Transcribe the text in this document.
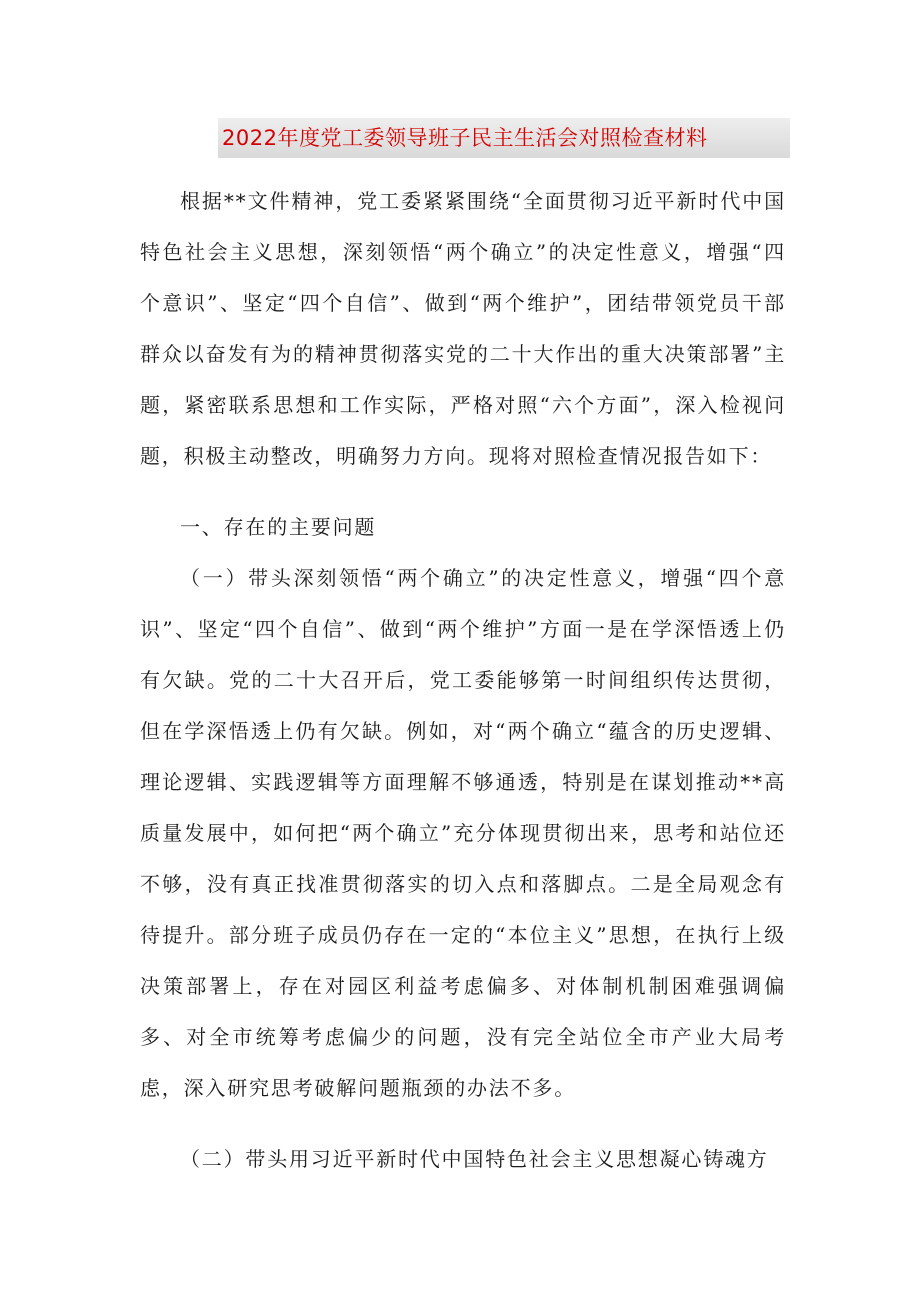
2022年度党工委领导班子民主生活会对照检查材料

根据**文件精神，党工委紧紧围绕“全面贯彻习近平新时代中国特色社会主义思想，深刻领悟“两个确立”的决定性意义，增强“四个意识”、坚定“四个自信”、做到“两个维护”，团结带领党员干部群众以奋发有为的精神贯彻落实党的二十大作出的重大决策部署”主题，紧密联系思想和工作实际，严格对照“六个方面”，深入检视问题，积极主动整改，明确努力方向。现将对照检查情况报告如下：

一、存在的主要问题

（一）带头深刻领悟“两个确立”的决定性意义，增强“四个意识”、坚定“四个自信”、做到“两个维护”方面一是在学深悟透上仍有欠缺。党的二十大召开后，党工委能够第一时间组织传达贯彻，但在学深悟透上仍有欠缺。例如，对“两个确立“蕴含的历史逻辑、理论逻辑、实践逻辑等方面理解不够通透，特别是在谋划推动**高质量发展中，如何把“两个确立”充分体现贯彻出来，思考和站位还不够，没有真正找准贯彻落实的切入点和落脚点。二是全局观念有待提升。部分班子成员仍存在一定的“本位主义”思想，在执行上级决策部署上，存在对园区利益考虑偏多、对体制机制困难强调偏多、对全市统筹考虑偏少的问题，没有完全站位全市产业大局考虑，深入研究思考破解问题瓶颈的办法不多。

（二）带头用习近平新时代中国特色社会主义思想凝心铸魂方
